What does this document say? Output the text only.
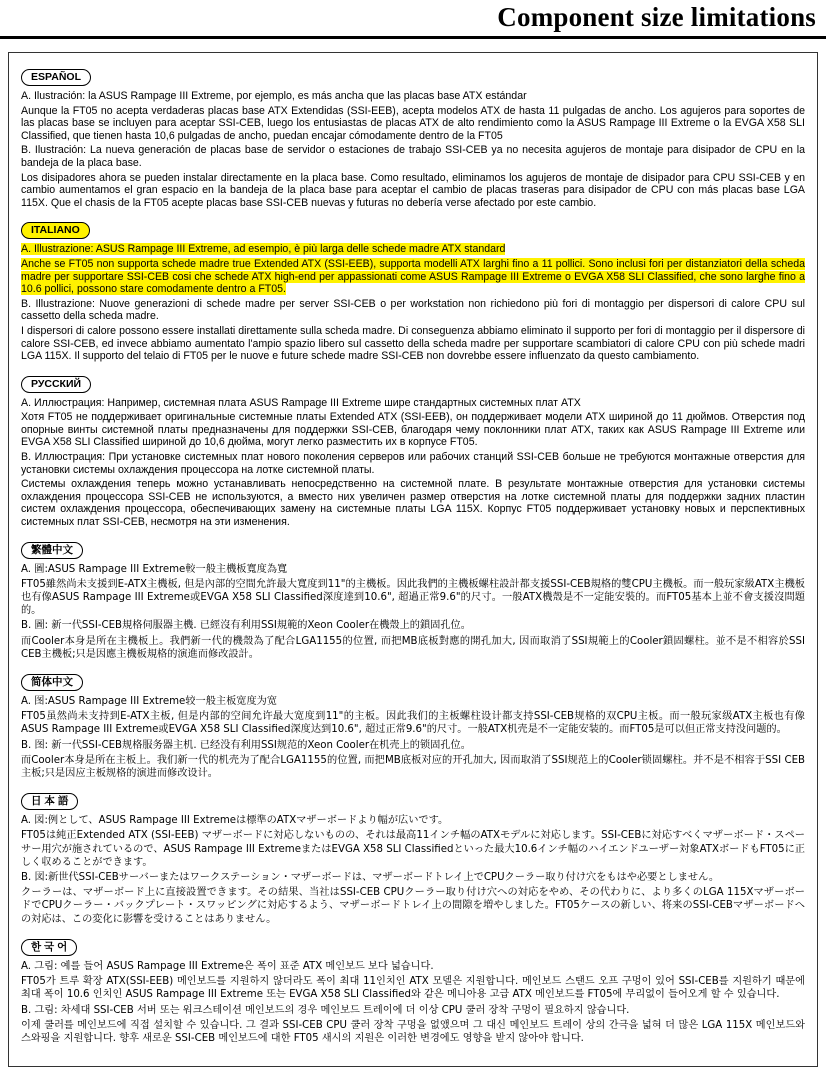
Component size limitations
ESPAÑOL

A. Ilustración: la ASUS Rampage III Extreme, por ejemplo, es más ancha que las placas base ATX estándar

Aunque la FT05 no acepta verdaderas placas base ATX Extendidas (SSI-EEB), acepta modelos ATX de hasta 11 pulgadas de ancho. Los agujeros para soportes de las placas base se incluyen para aceptar SSI-CEB, luego los entusiastas de placas ATX de alto rendimiento como la ASUS Rampage III Extreme o la EVGA X58 SLI Classified, que tienen hasta 10,6 pulgadas de ancho, puedan encajar cómodamente dentro de la FT05

B. Ilustración: La nueva generación de placas base de servidor o estaciones de trabajo SSI-CEB ya no necesita agujeros de montaje para disipador de CPU en la bandeja de la placa base.

Los disipadores ahora se pueden instalar directamente en la placa base. Como resultado, eliminamos los agujeros de montaje de disipador para CPU SSI-CEB y en cambio aumentamos el gran espacio en la bandeja de la placa base para aceptar el cambio de placas traseras para disipador de CPU con más placas base LGA 115X. Que el chasis de la FT05 acepte placas base SSI-CEB nuevas y futuras no debería verse afectado por este cambio.

ITALIANO

A. Illustrazione: ASUS Rampage III Extreme, ad esempio, è più larga delle schede madre ATX standard

Anche se FT05 non supporta schede madre true Extended ATX (SSI-EEB), supporta modelli ATX larghi fino a 11 pollici. Sono inclusi fori per distanziatori della scheda madre per supportare SSI-CEB cosi che schede ATX high-end per appassionati come ASUS Rampage III Extreme o EVGA X58 SLI Classified, che sono larghe fino a 10.6 pollici, possono stare comodamente dentro a FT05.

B. Illustrazione: Nuove generazioni di schede madre per server SSI-CEB o per workstation non richiedono più fori di montaggio per dispersori di calore CPU sul cassetto della scheda madre.

I dispersori di calore possono essere installati direttamente sulla scheda madre. Di conseguenza abbiamo eliminato il supporto per fori di montaggio per il dispersore di calore SSI-CEB, ed invece abbiamo aumentato l'ampio spazio libero sul cassetto della scheda madre per supportare scambiatori di calore CPU con più schede madri LGA 115X. Il supporto del telaio di FT05 per le nuove e future schede madre SSI-CEB non dovrebbe essere influenzato da questo cambiamento.

РУССКИЙ

A. Иллюстрация: Например, системная плата ASUS Rampage III Extreme шире стандартных системных плат ATX

Хотя FT05 не поддерживает оригинальные системные платы Extended ATX (SSI-EEB), он поддерживает модели ATX шириной до 11 дюймов. Отверстия под опорные винты системной платы предназначены для поддержки SSI-CEB, благодаря чему поклонники плат ATX, таких как ASUS Rampage III Extreme или EVGA X58 SLI Classified шириной до 10,6 дюйма, могут легко разместить их в корпусе FT05.

B. Иллюстрация: При установке системных плат нового поколения серверов или рабочих станций SSI-CEB больше не требуются монтажные отверстия для установки системы охлаждения процессора на лотке системной платы.

Системы охлаждения теперь можно устанавливать непосредственно на системной плате. В результате монтажные отверстия для установки системы охлаждения процессора SSI-CEB не используются, а вместо них увеличен размер отверстия на лотке системной платы для поддержки задних пластин систем охлаждения процессора, обеспечивающих замену на системные платы LGA 115X. Корпус FT05 поддерживает установку новых и перспективных системных плат SSI-CEB, несмотря на эти изменения.

繁體中文

A. 圖:ASUS Rampage III Extreme較一般主機板寬度為寬

FT05雖然尚未支援到E-ATX主機板, 但是內部的空間允許最大寬度到11"的主機板。因此我們的主機板螺柱設計都支援SSI-CEB規格的雙CPU主機板。而一般玩家級ATX主機板也有像ASUS Rampage III Extreme或EVGA X58 SLI Classified深度達到10.6", 超過正常9.6"的尺寸。一般ATX機殼是不一定能安裝的。而FT05基本上並不會支援沒問題的。

B. 圖: 新一代SSI-CEB規格伺服器主機. 已經沒有利用SSI規範的Xeon Cooler在機殼上的鎖固孔位。

而Cooler本身是所在主機板上。我們新一代的機殼為了配合LGA1155的位置, 而把MB底板對應的開孔加大, 因而取消了SSI規範上的Cooler鎖固螺柱。並不是不相容於SSI CEB主機板;只是因應主機板規格的演進而修改設計。

简体中文

A. 图:ASUS Rampage III Extreme较一般主板宽度为宽

FT05虽然尚未支持到E-ATX主板, 但是内部的空间允许最大宽度到11"的主板。因此我们的主板螺柱设计都支持SSI-CEB规格的双CPU主板。而一般玩家级ATX主板也有像ASUS Rampage III Extreme或EVGA X58 SLI Classified深度达到10.6", 超过正常9.6"的尺寸。一般ATX机壳是不一定能安装的。而FT05是可以但正常支持没问题的。

B. 图: 新一代SSI-CEB规格服务器主机. 已经没有利用SSI规范的Xeon Cooler在机壳上的锁固孔位。

而Cooler本身是所在主板上。我们新一代的机壳为了配合LGA1155的位置, 而把MB底板对应的开孔加大, 因而取消了SSI规范上的Cooler锁固螺柱。并不是不相容于SSI CEB主板;只是因应主板规格的演进而修改设计。

日 本 語

A. 図:例として、ASUS Rampage III Extremeは標準のATXマザーボードより幅が広いです。

FT05は純正Extended ATX (SSI-EEB) マザーボードに対応しないものの、それは最高11インチ幅のATXモデルに対応します。SSI-CEBに対応すべくマザーボード・スペーサー用穴が施されているので、ASUS Rampage III ExtremeまたはEVGA X58 SLI Classifiedといった最大10.6インチ幅のハイエンドユーザー対象ATXボードもFT05に正しく収めることができます。

B. 図:新世代SSI-CEBサーバーまたはワークステーション・マザーボードは、マザーボードトレイ上でCPUクーラー取り付け穴をもはや必要としません。

クーラーは、マザーボード上に直接設置できます。その結果、当社はSSI-CEB CPUクーラー取り付け穴への対応をやめ、その代わりに、より多くのLGA 115XマザーボードでCPUクーラー・バックプレート・スワッピングに対応するよう、マザーボードトレイ上の間隙を増やしました。FT05ケースの新しい、将来のSSI-CEBマザーボードへの対応は、この変化に影響を受けることはありません。

한 국 어

A. 그림: 예를 들어 ASUS Rampage III Extreme은 폭이 표준 ATX 메인보드 보다 넓습니다.

FT05가 트루 확장 ATX(SSI-EEB) 메인보드를 지원하지 않더라도 폭이 최대 11인치인 ATX 모델은 지원합니다. 메인보드 스탠드 오프 구멍이 있어 SSI-CEB를 지원하기 때문에 최대 폭이 10.6 인치인 ASUS Rampage III Extreme 또는 EVGA X58 SLI Classified와 같은 메니아용 고급 ATX 메인보드를 FT05에 무리없이 들어오게 할 수 있습니다.

B. 그림: 차세대 SSI-CEB 서버 또는 워크스테이션 메인보드의 경우 메인보드 트레이에 더 이상 CPU 쿨러 장착 구멍이 필요하지 않습니다.

이제 쿨러를 메인보드에 직접 설치할 수 있습니다. 그 결과 SSI-CEB CPU 쿨러 장착 구멍을 없앴으며 그 대신 메인보드 트레이 상의 간극을 넓혀 더 많은 LGA 115X 메인보드와 스와핑을 지원합니다. 향후 새로운 SSI-CEB 메인보드에 대한 FT05 새시의 지원은 이러한 변경에도 영향을 받지 않아야 합니다.
